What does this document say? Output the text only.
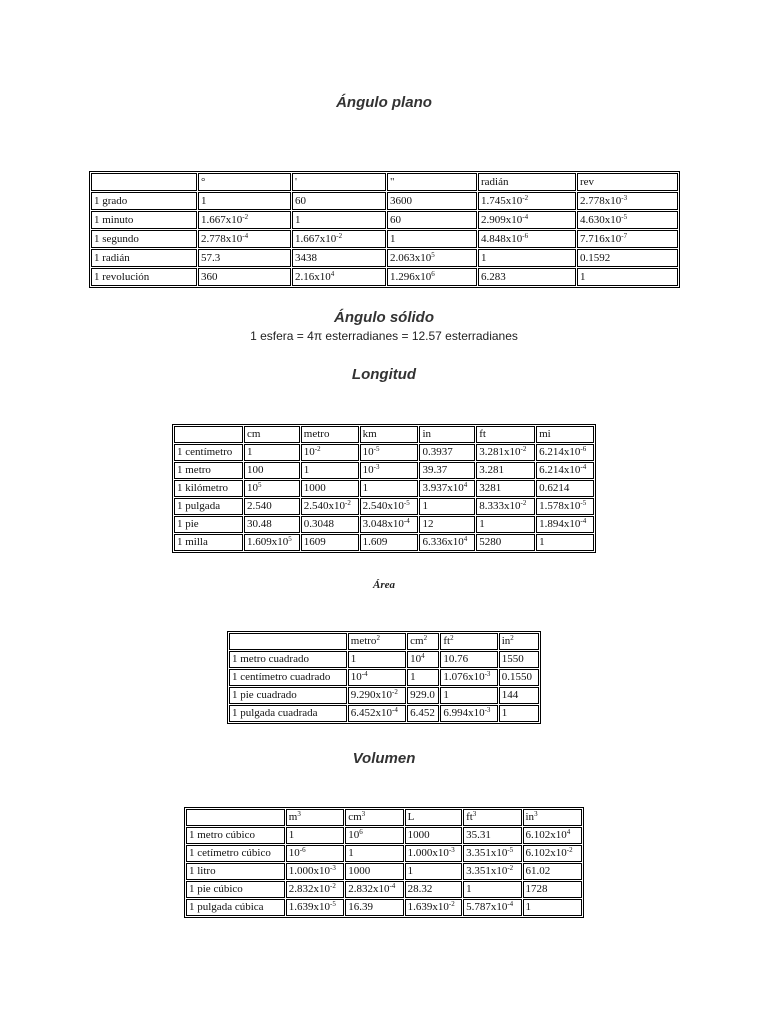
Ángulo plano
	°	'	"	radián	rev
1 grado	1	60	3600	$1.745x10^{-2}$	$2.778x10^{-3}$
1 minuto	$1.667x10^{-2}$	1	60	$2.909x10^{-4}$	$4.630x10^{-5}$
1 segundo	$2.778x10^{-4}$	$1.667x10^{-2}$	1	$4.848x10^{-6}$	$7.716x10^{-7}$
1 radián	57.3	3438	$2.063x10^5$	1	0.1592
1 revolución	360	$2.16x10^4$	$1.296x10^6$	6.283	1
Ángulo sólido
1 esfera = 4π esterradianes = 12.57 esterradianes
Longitud
	cm	metro	km	in	ft	mi
1 centímetro	1	$10^{-2}$	$10^{-5}$	0.3937	$3.281x10^{-2}$	$6.214x10^{-6}$
1 metro	100	1	$10^{-3}$	39.37	3.281	$6.214x10^{-4}$
1 kilómetro	$10^5$	1000	1	$3.937x10^4$	3281	0.6214
1 pulgada	2.540	$2.540x10^{-2}$	$2.540x10^{-5}$	1	$8.333x10^{-2}$	$1.578x10^{-5}$
1 pie	30.48	0.3048	$3.048x10^{-4}$	12	1	$1.894x10^{-4}$
1 milla	$1.609x10^5$	1609	1.609	$6.336x10^4$	5280	1
Área
	metro$^2$	$cm^2$	$ft^2$	$in^2$
1 metro cuadrado	1	$10^4$	10.76	1550
1 centímetro cuadrado	$10^{-4}$	1	$1.076x10^{-3}$	0.1550
1 pie cuadrado	$9.290x10^{-2}$	929.0	1	144
1 pulgada cuadrada	$6.452x10^{-4}$	6.452	$6.994x10^{-3}$	1
Volumen
	$m^3$	$cm^3$	L	$ft^3$	$in^3$
1 metro cúbico	1	$10^6$	1000	35.31	$6.102x10^4$
1 cetímetro cúbico	$10^{-6}$	1	$1.000x10^{-3}$	$3.351x10^{-5}$	$6.102x10^{-2}$
1 litro	$1.000x10^{-3}$	1000	1	$3.351x10^{-2}$	61.02
1 pie cúbico	$2.832x10^{-2}$	$2.832x10^{-4}$	28.32	1	1728
1 pulgada cúbica	$1.639x10^{-5}$	16.39	$1.639x10^{-2}$	$5.787x10^{-4}$	1
